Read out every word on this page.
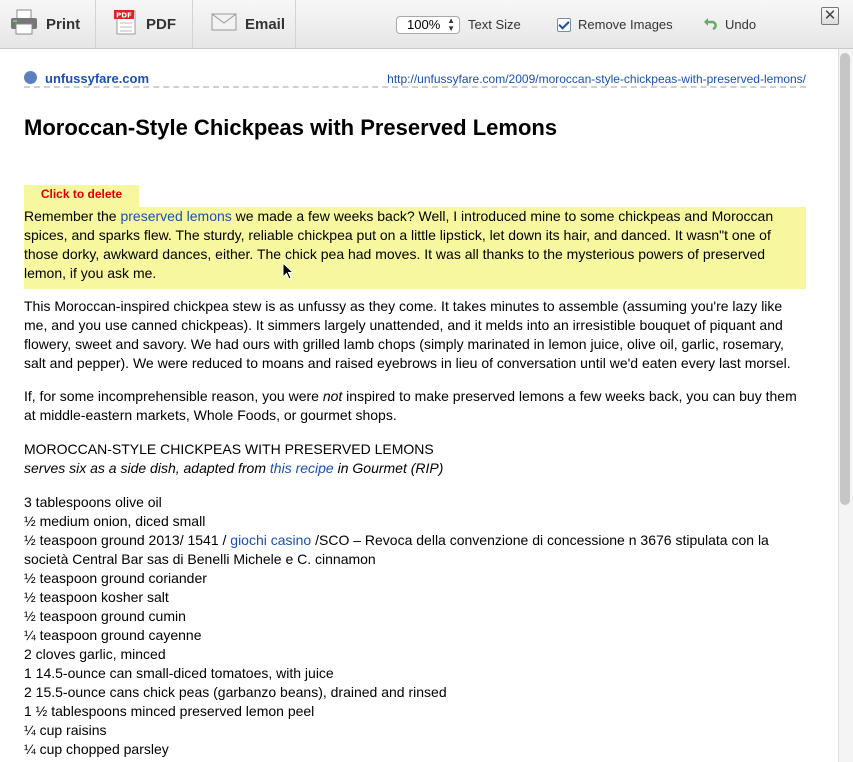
Print	PDF PDF	Email	100% ▲
▼ Text Size	Remove Images	Undo
✕
unfussyfare.com	http://unfussyfare.com/2009/moroccan-style-chickpeas-with-preserved-lemons/
Moroccan-Style Chickpeas with Preserved Lemons
Click to delete

Remember the preserved lemons we made a few weeks back? Well, I introduced mine to some chickpeas and Moroccan spices, and sparks flew. The sturdy, reliable chickpea put on a little lipstick, let down its hair, and danced. It wasn"t one of those dorky, awkward dances, either. The chick pea had moves. It was all thanks to the mysterious powers of preserved lemon, if you ask me.

This Moroccan-inspired chickpea stew is as unfussy as they come. It takes minutes to assemble (assuming you're lazy like me, and you use canned chickpeas). It simmers largely unattended, and it melds into an irresistible bouquet of piquant and flowery, sweet and savory. We had ours with grilled lamb chops (simply marinated in lemon juice, olive oil, garlic, rosemary, salt and pepper). We were reduced to moans and raised eyebrows in lieu of conversation until we'd eaten every last morsel.

If, for some incomprehensible reason, you were not inspired to make preserved lemons a few weeks back, you can buy them at middle-eastern markets, Whole Foods, or gourmet shops.

MOROCCAN-STYLE CHICKPEAS WITH PRESERVED LEMONS
serves six as a side dish, adapted from this recipe in Gourmet (RIP)
3 tablespoons olive oil
½ medium onion, diced small
½ teaspoon ground 2013/ 1541 / giochi casino /SCO – Revoca della convenzione di concessione n 3676 stipulata con la società Central Bar sas di Benelli Michele e C. cinnamon
½ teaspoon ground coriander
½ teaspoon kosher salt
½ teaspoon ground cumin
¼ teaspoon ground cayenne
2 cloves garlic, minced
1 14.5-ounce can small-diced tomatoes, with juice
2 15.5-ounce cans chick peas (garbanzo beans), drained and rinsed
1 ½ tablespoons minced preserved lemon peel
¼ cup raisins
¼ cup chopped parsley
